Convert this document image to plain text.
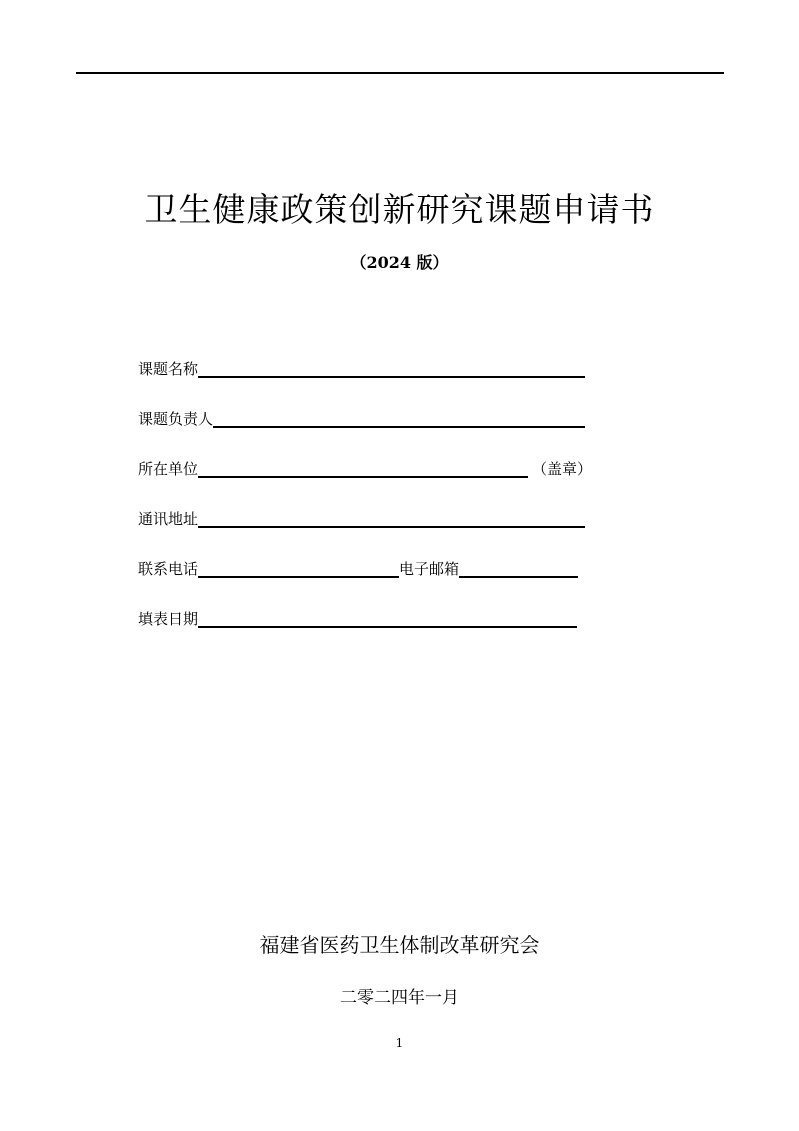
卫生健康政策创新研究课题申请书
（2024 版）
课题名称
课题负责人
所在单位	（盖章）
通讯地址
联系电话	电子邮箱
填表日期
福建省医药卫生体制改革研究会
二零二四年一月
1
